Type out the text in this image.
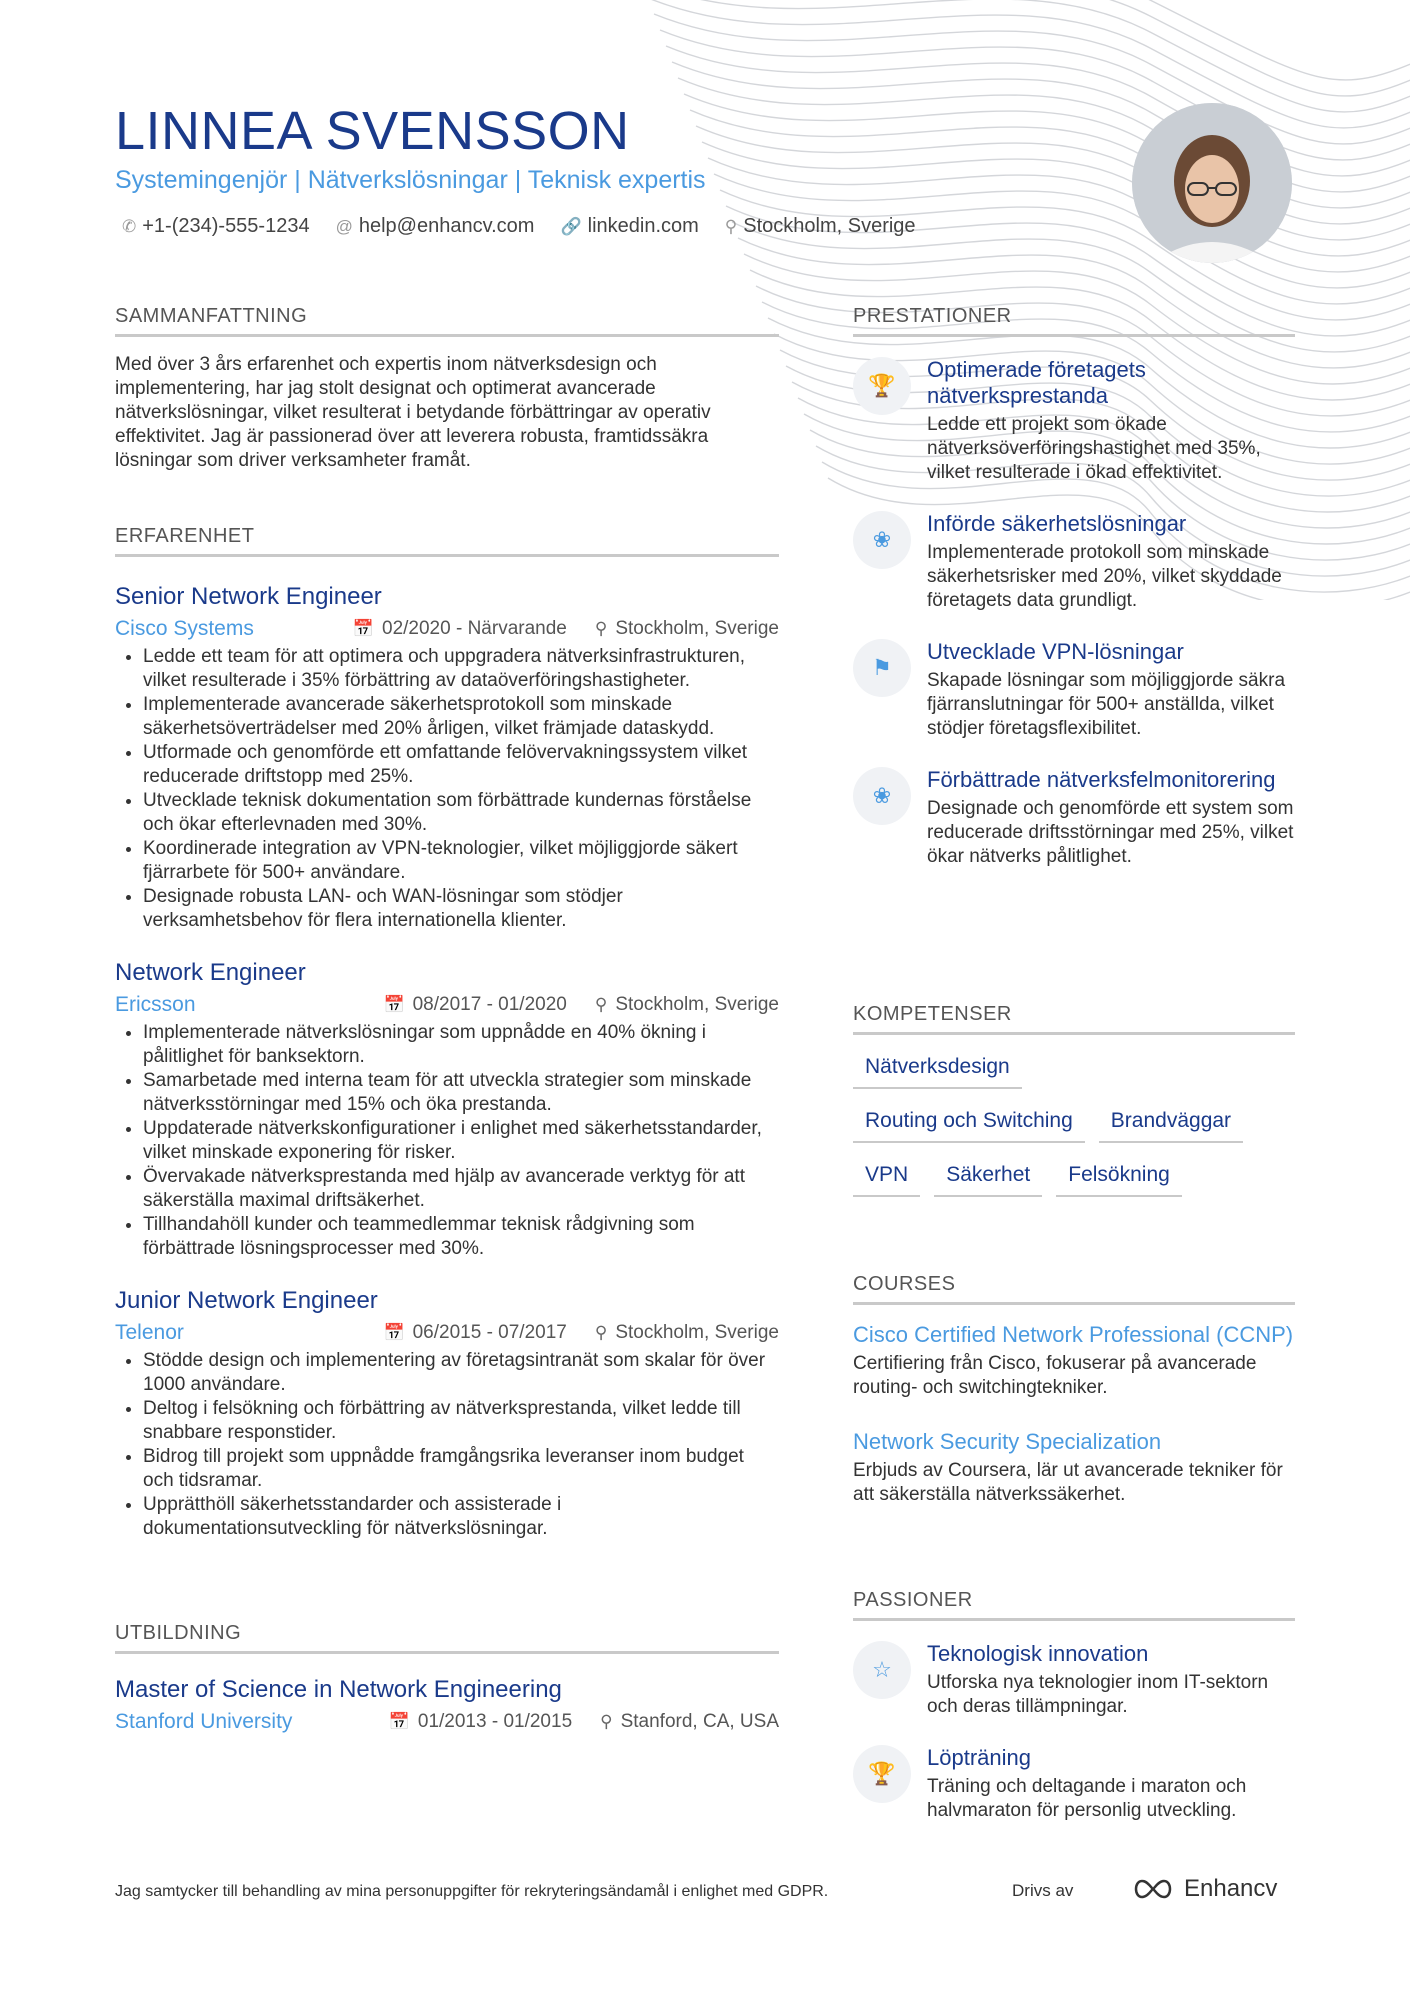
LINNEA SVENSSON
Systemingenjör | Nätverkslösningar | Teknisk expertis
✆ +1-(234)-555-1234 @ help@enhancv.com 🔗 linkedin.com ⚲ Stockholm, Sverige
SAMMANFATTNING
Med över 3 års erfarenhet och expertis inom nätverksdesign och implementering, har jag stolt designat och optimerat avancerade nätverkslösningar, vilket resulterat i betydande förbättringar av operativ effektivitet. Jag är passionerad över att leverera robusta, framtidssäkra lösningar som driver verksamheter framåt.
ERFARENHET
Senior Network Engineer
Cisco Systems	📅 02/2020 - Närvarande ⚲ Stockholm, Sverige
• Ledde ett team för att optimera och uppgradera nätverksinfrastrukturen, vilket resulterade i 35% förbättring av dataöverföringshastigheter.
• Implementerade avancerade säkerhetsprotokoll som minskade säkerhetsöverträdelser med 20% årligen, vilket främjade dataskydd.
• Utformade och genomförde ett omfattande felövervakningssystem vilket reducerade driftstopp med 25%.
• Utvecklade teknisk dokumentation som förbättrade kundernas förståelse och ökar efterlevnaden med 30%.
• Koordinerade integration av VPN-teknologier, vilket möjliggjorde säkert fjärrarbete för 500+ användare.
• Designade robusta LAN- och WAN-lösningar som stödjer verksamhetsbehov för flera internationella klienter.
Network Engineer
Ericsson	📅 08/2017 - 01/2020 ⚲ Stockholm, Sverige
• Implementerade nätverkslösningar som uppnådde en 40% ökning i pålitlighet för banksektorn.
• Samarbetade med interna team för att utveckla strategier som minskade nätverksstörningar med 15% och öka prestanda.
• Uppdaterade nätverkskonfigurationer i enlighet med säkerhetsstandarder, vilket minskade exponering för risker.
• Övervakade nätverksprestanda med hjälp av avancerade verktyg för att säkerställa maximal driftsäkerhet.
• Tillhandahöll kunder och teammedlemmar teknisk rådgivning som förbättrade lösningsprocesser med 30%.
Junior Network Engineer
Telenor	📅 06/2015 - 07/2017 ⚲ Stockholm, Sverige
• Stödde design och implementering av företagsintranät som skalar för över 1000 användare.
• Deltog i felsökning och förbättring av nätverksprestanda, vilket ledde till snabbare responstider.
• Bidrog till projekt som uppnådde framgångsrika leveranser inom budget och tidsramar.
• Upprätthöll säkerhetsstandarder och assisterade i dokumentationsutveckling för nätverkslösningar.
UTBILDNING
Master of Science in Network Engineering
Stanford University	📅 01/2013 - 01/2015 ⚲ Stanford, CA, USA
PRESTATIONER
🏆
Optimerade företagets nätverksprestanda
Ledde ett projekt som ökade nätverksöverföringshastighet med 35%, vilket resulterade i ökad effektivitet.
❀
Införde säkerhetslösningar
Implementerade protokoll som minskade säkerhetsrisker med 20%, vilket skyddade företagets data grundligt.
⚑
Utvecklade VPN-lösningar
Skapade lösningar som möjliggjorde säkra fjärranslutningar för 500+ anställda, vilket stödjer företagsflexibilitet.
❀
Förbättrade nätverksfelmonitorering
Designade och genomförde ett system som reducerade driftsstörningar med 25%, vilket ökar nätverks pålitlighet.
KOMPETENSER
Nätverksdesign
Routing och Switching	Brandväggar
VPN	Säkerhet	Felsökning
COURSES
Cisco Certified Network Professional (CCNP)
Certifiering från Cisco, fokuserar på avancerade routing- och switchingtekniker.
Network Security Specialization
Erbjuds av Coursera, lär ut avancerade tekniker för att säkerställa nätverkssäkerhet.
PASSIONER
☆
Teknologisk innovation
Utforska nya teknologier inom IT-sektorn och deras tillämpningar.
🏆
Löpträning
Träning och deltagande i maraton och halvmaraton för personlig utveckling.
Jag samtycker till behandling av mina personuppgifter för rekryteringsändamål i enlighet med GDPR.	Drivs av	Enhancv
